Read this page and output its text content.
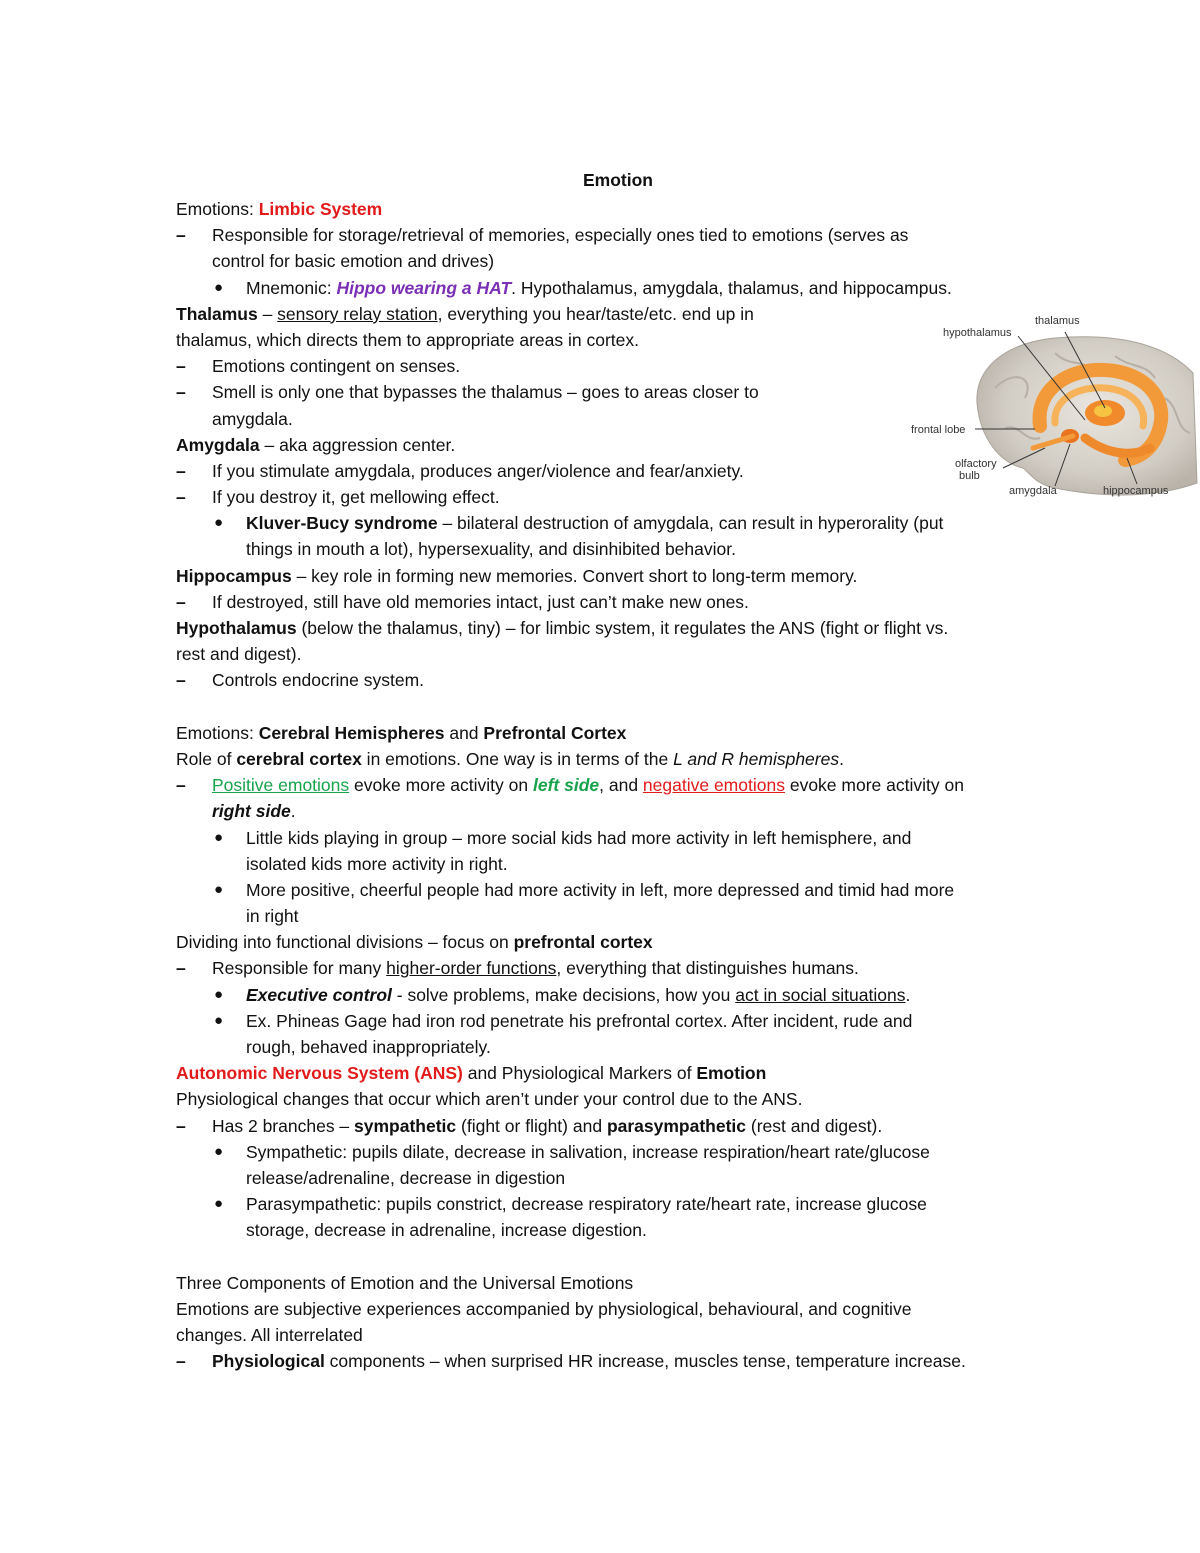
Emotion
Emotions: Limbic System
– Responsible for storage/retrieval of memories, especially ones tied to emotions (serves as
control for basic emotion and drives)
● Mnemonic: Hippo wearing a HAT. Hypothalamus, amygdala, thalamus, and hippocampus.
Thalamus – sensory relay station, everything you hear/taste/etc. end up in
thalamus, which directs them to appropriate areas in cortex.
– Emotions contingent on senses.
– Smell is only one that bypasses the thalamus – goes to areas closer to
amygdala.
Amygdala – aka aggression center.
– If you stimulate amygdala, produces anger/violence and fear/anxiety.
– If you destroy it, get mellowing effect.
● Kluver-Bucy syndrome – bilateral destruction of amygdala, can result in hyperorality (put
things in mouth a lot), hypersexuality, and disinhibited behavior.
Hippocampus – key role in forming new memories. Convert short to long-term memory.
– If destroyed, still have old memories intact, just can’t make new ones.
Hypothalamus (below the thalamus, tiny) – for limbic system, it regulates the ANS (fight or flight vs.
rest and digest).
– Controls endocrine system.
Emotions: Cerebral Hemispheres and Prefrontal Cortex
Role of cerebral cortex in emotions. One way is in terms of the L and R hemispheres.
– Positive emotions evoke more activity on left side, and negative emotions evoke more activity on
right side.
● Little kids playing in group – more social kids had more activity in left hemisphere, and
isolated kids more activity in right.
● More positive, cheerful people had more activity in left, more depressed and timid had more
in right
Dividing into functional divisions – focus on prefrontal cortex
– Responsible for many higher-order functions, everything that distinguishes humans.
● Executive control - solve problems, make decisions, how you act in social situations.
● Ex. Phineas Gage had iron rod penetrate his prefrontal cortex. After incident, rude and
rough, behaved inappropriately.
Autonomic Nervous System (ANS) and Physiological Markers of Emotion
Physiological changes that occur which aren’t under your control due to the ANS.
– Has 2 branches – sympathetic (fight or flight) and parasympathetic (rest and digest).
● Sympathetic: pupils dilate, decrease in salivation, increase respiration/heart rate/glucose
release/adrenaline, decrease in digestion
● Parasympathetic: pupils constrict, decrease respiratory rate/heart rate, increase glucose
storage, decrease in adrenaline, increase digestion.
Three Components of Emotion and the Universal Emotions
Emotions are subjective experiences accompanied by physiological, behavioural, and cognitive
changes. All interrelated
– Physiological components – when surprised HR increase, muscles tense, temperature increase.
thalamus
hypothalamus
frontal lobe
olfactory
bulb
amygdala	hippocampus
